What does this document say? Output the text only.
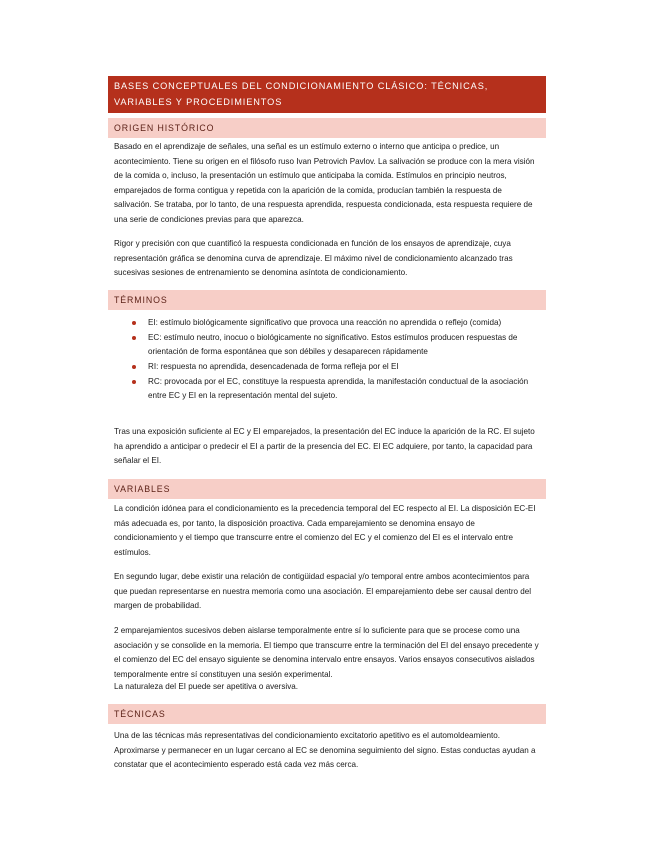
BASES CONCEPTUALES DEL CONDICIONAMIENTO CLÁSICO: TÉCNICAS, VARIABLES Y PROCEDIMIENTOS
ORIGEN HISTÓRICO

Basado en el aprendizaje de señales, una señal es un estímulo externo o interno que anticipa o predice, un acontecimiento. Tiene su origen en el filósofo ruso Ivan Petrovich Pavlov. La salivación se produce con la mera visión de la comida o, incluso, la presentación un estímulo que anticipaba la comida. Estímulos en principio neutros, emparejados de forma contigua y repetida con la aparición de la comida, producían también la respuesta de salivación. Se trataba, por lo tanto, de una respuesta aprendida, respuesta condicionada, esta respuesta requiere de una serie de condiciones previas para que aparezca.

Rigor y precisión con que cuantificó la respuesta condicionada en función de los ensayos de aprendizaje, cuya representación gráfica se denomina curva de aprendizaje. El máximo nivel de condicionamiento alcanzado tras sucesivas sesiones de entrenamiento se denomina asíntota de condicionamiento.

TÉRMINOS
EI: estímulo biológicamente significativo que provoca una reacción no aprendida o reflejo (comida)
EC: estímulo neutro, inocuo o biológicamente no significativo. Estos estímulos producen respuestas de orientación de forma espontánea que son débiles y desaparecen rápidamente
RI: respuesta no aprendida, desencadenada de forma refleja por el EI
RC: provocada por el EC, constituye la respuesta aprendida, la manifestación conductual de la asociación entre EC y EI en la representación mental del sujeto.

Tras una exposición suficiente al EC y EI emparejados, la presentación del EC induce la aparición de la RC. El sujeto ha aprendido a anticipar o predecir el EI a partir de la presencia del EC. El EC adquiere, por tanto, la capacidad para señalar el EI.

VARIABLES

La condición idónea para el condicionamiento es la precedencia temporal del EC respecto al EI. La disposición EC-EI más adecuada es, por tanto, la disposición proactiva. Cada emparejamiento se denomina ensayo de condicionamiento y el tiempo que transcurre entre el comienzo del EC y el comienzo del EI es el intervalo entre estímulos.

En segundo lugar, debe existir una relación de contigüidad espacial y/o temporal entre ambos acontecimientos para que puedan representarse en nuestra memoria como una asociación. El emparejamiento debe ser causal dentro del margen de probabilidad.

2 emparejamientos sucesivos deben aislarse temporalmente entre sí lo suficiente para que se procese como una asociación y se consolide en la memoria. El tiempo que transcurre entre la terminación del EI del ensayo precedente y el comienzo del EC del ensayo siguiente se denomina intervalo entre ensayos. Varios ensayos consecutivos aislados temporalmente entre sí constituyen una sesión experimental.

La naturaleza del EI puede ser apetitiva o aversiva.

TÉCNICAS

Una de las técnicas más representativas del condicionamiento excitatorio apetitivo es el automoldeamiento. Aproximarse y permanecer en un lugar cercano al EC se denomina seguimiento del signo. Estas conductas ayudan a constatar que el acontecimiento esperado está cada vez más cerca.
